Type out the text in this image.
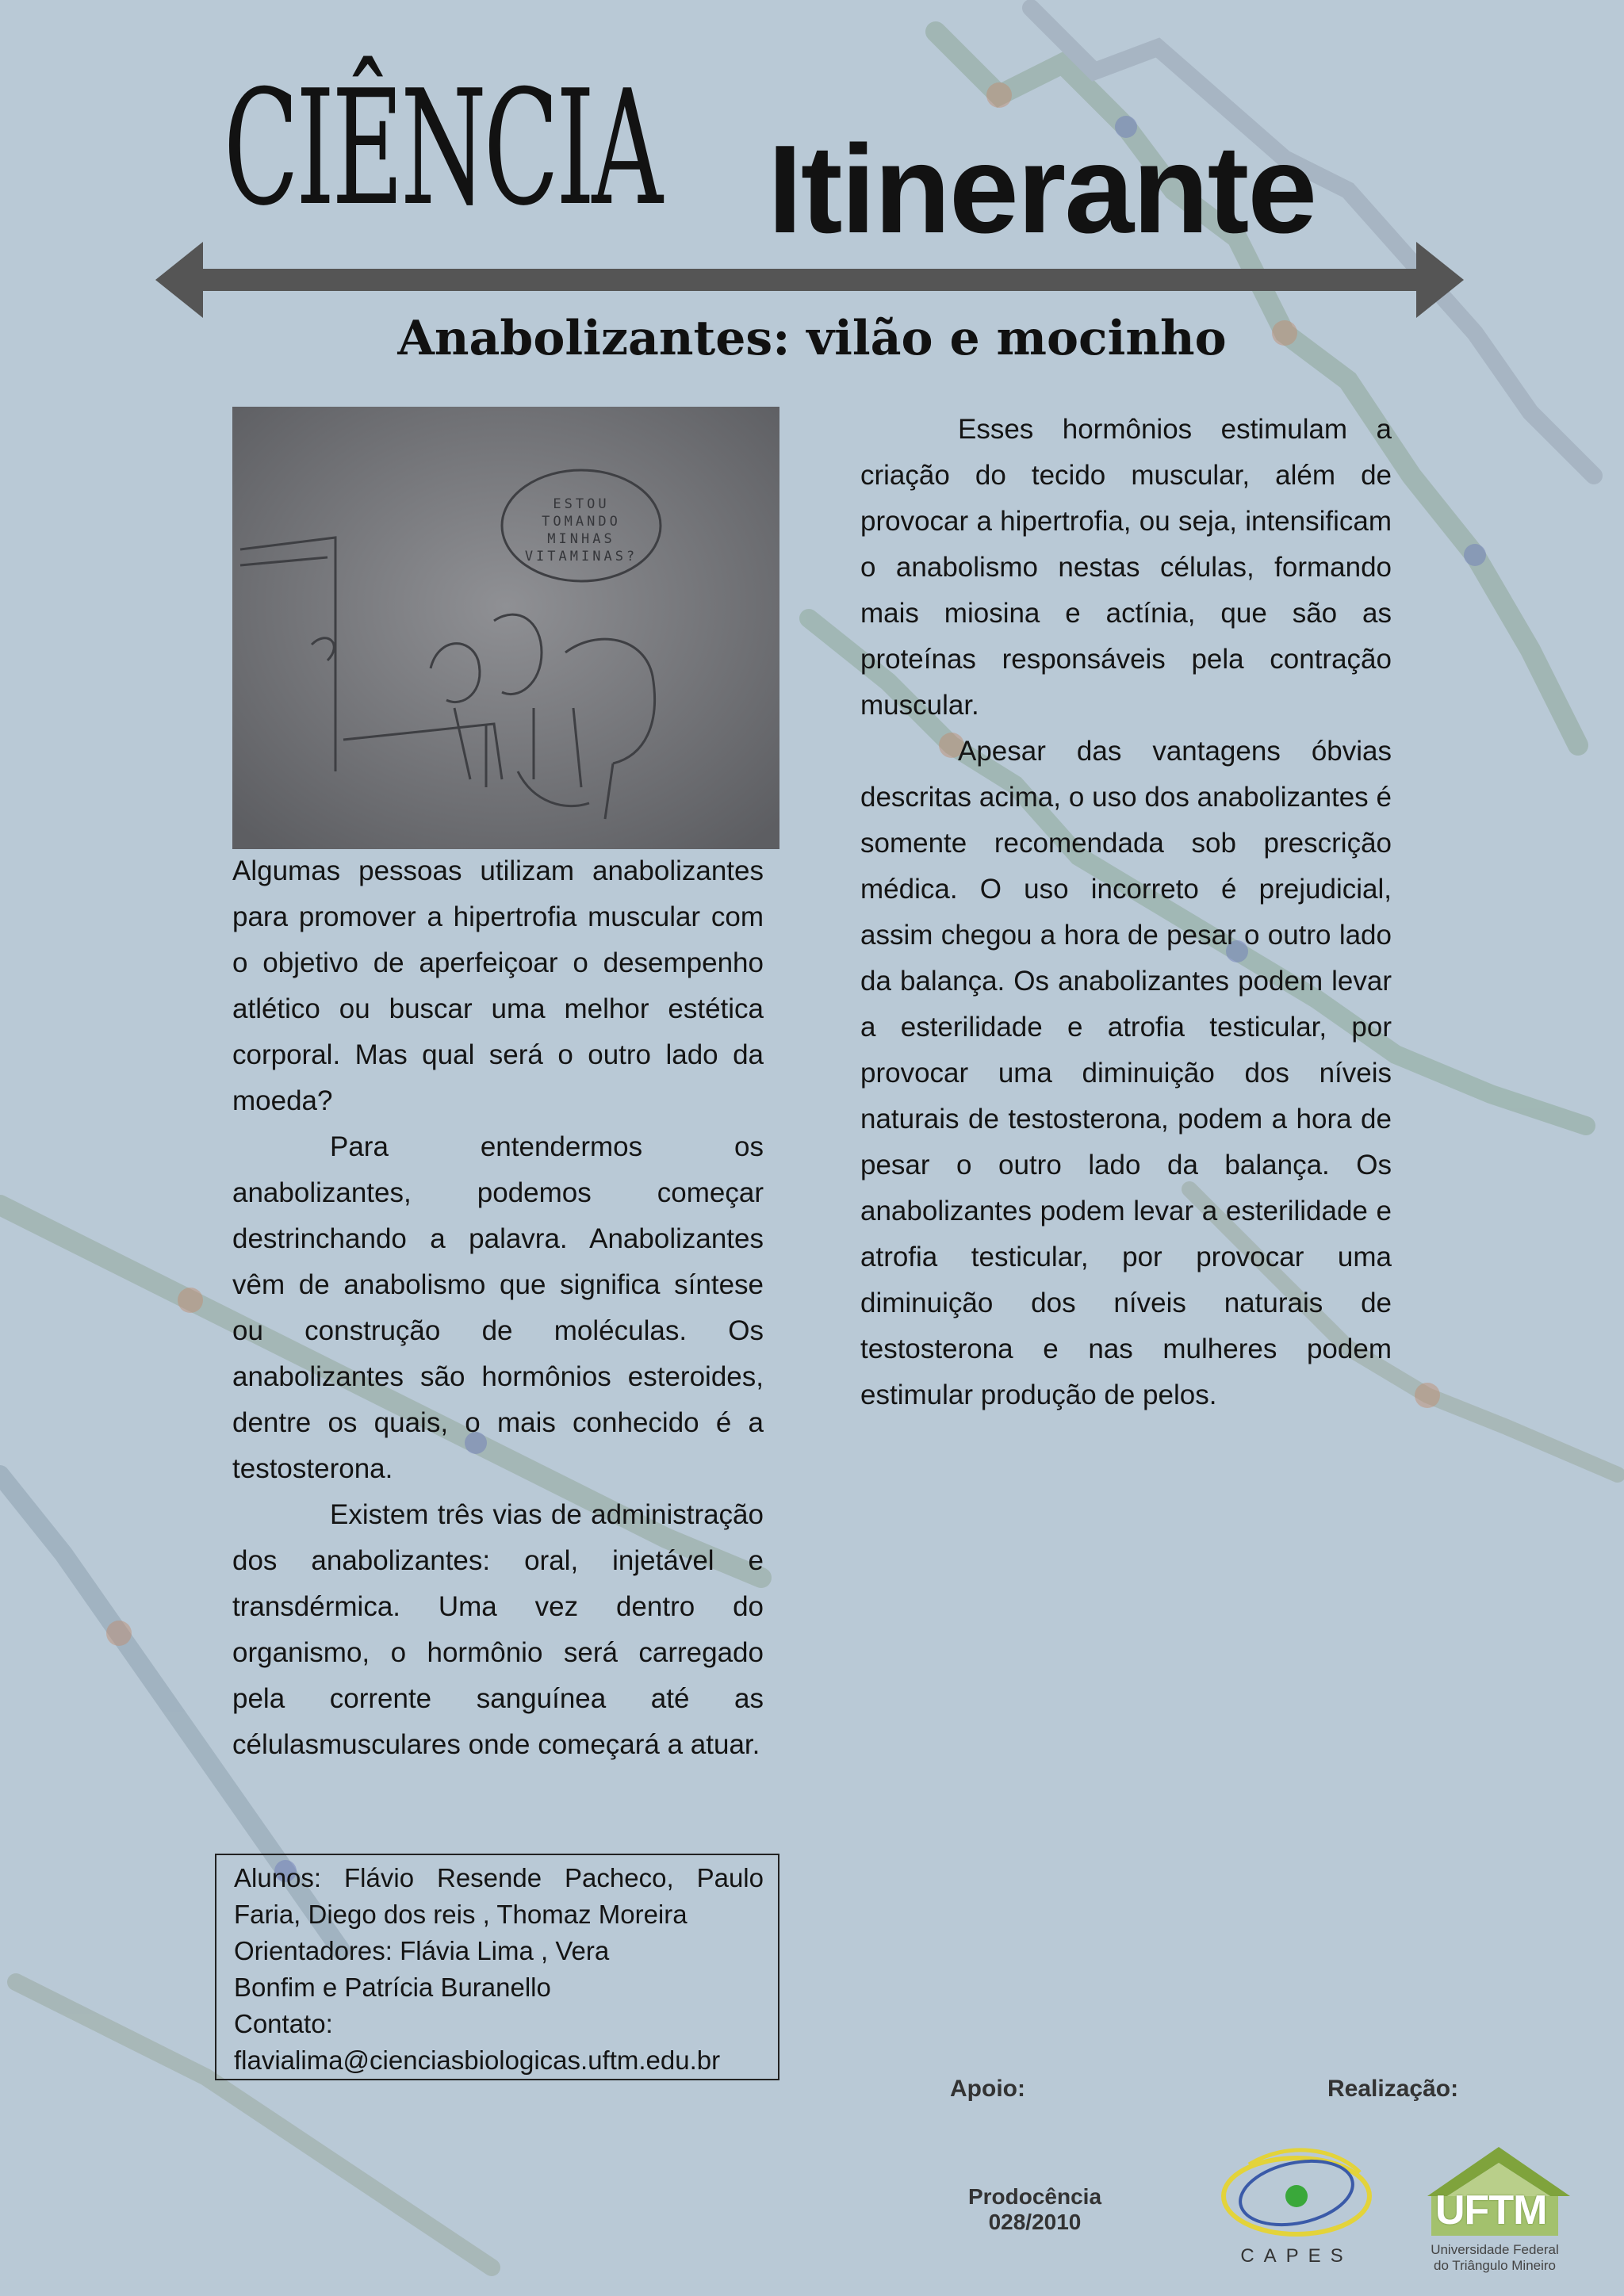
CIÊNCIA Itinerante
Anabolizantes: vilão e mocinho
ESTOU
TOMANDO
MINHAS
VITAMINAS?

Algumas pessoas utilizam anabolizantes para promover a hipertrofia muscular com o objetivo de aperfeiçoar o desempenho atlético ou buscar uma melhor estética corporal. Mas qual será o outro lado da moeda?

Para entendermos os anabolizantes, podemos começar destrinchando a palavra. Anabolizantes vêm de anabolismo que significa síntese ou construção de moléculas. Os anabolizantes são hormônios esteroides, dentre os quais, o mais conhecido é a testosterona.

Existem três vias de administração dos anabolizantes: oral, injetável e transdérmica. Uma vez dentro do organismo, o hormônio será carregado pela corrente sanguínea até as célulasmusculares onde começará a atuar.

Esses hormônios estimulam a criação do tecido muscular, além de provocar a hipertrofia, ou seja, intensificam o anabolismo nestas células, formando mais miosina e actínia, que são as proteínas responsáveis pela contração muscular.

Apesar das vantagens óbvias descritas acima, o uso dos anabolizantes é somente recomendada sob prescrição médica. O uso incorreto é prejudicial, assim chegou a hora de pesar o outro lado da balança. Os anabolizantes podem levar a esterilidade e atrofia testicular, por provocar uma diminuição dos níveis naturais de testosterona, podem a hora de pesar o outro lado da balança. Os anabolizantes podem levar a esterilidade e atrofia testicular, por provocar uma diminuição dos níveis naturais de testosterona e nas mulheres podem estimular produção de pelos.

Alunos: Flávio Resende Pacheco, Paulo
Faria, Diego dos reis , Thomaz Moreira
Orientadores: Flávia Lima , Vera
Bonfim e Patrícia Buranello
Contato:
flavialima@cienciasbiologicas.uftm.edu.br
Apoio:	Realização:
Prodocência
028/2010
CAPES
UFTM
Universidade Federal
do Triângulo Mineiro
